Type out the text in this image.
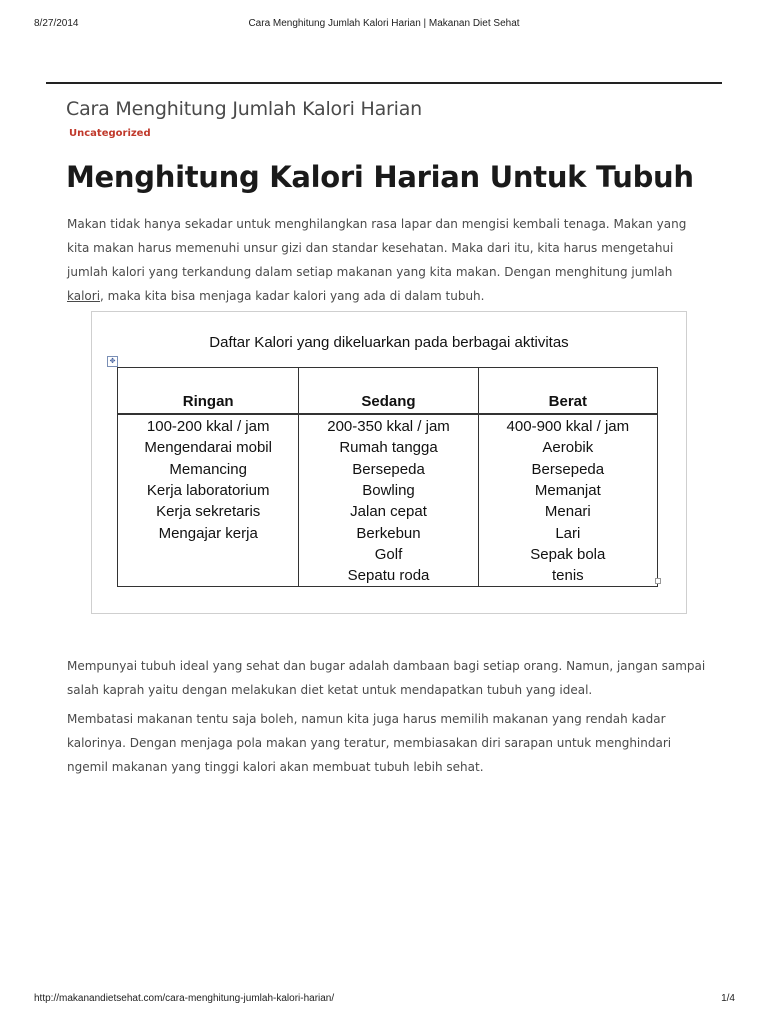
8/27/2014	Cara Menghitung Jumlah Kalori Harian | Makanan Diet Sehat
Cara Menghitung Jumlah Kalori Harian
Uncategorized
Menghitung Kalori Harian Untuk Tubuh
Makan tidak hanya sekadar untuk menghilangkan rasa lapar dan mengisi kembali tenaga. Makan yang kita makan harus memenuhi unsur gizi dan standar kesehatan. Maka dari itu, kita harus mengetahui jumlah kalori yang terkandung dalam setiap makanan yang kita makan. Dengan menghitung jumlah kalori, maka kita bisa menjaga kadar kalori yang ada di dalam tubuh.
Daftar Kalori yang dikeluarkan pada berbagai aktivitas
✥
Ringan	Sedang	Berat
100-200 kkal / jam	200-350 kkal / jam	400-900 kkal / jam
Mengendarai mobil	Rumah tangga	Aerobik
Memancing	Bersepeda	Bersepeda
Kerja laboratorium	Bowling	Memanjat
Kerja sekretaris	Jalan cepat	Menari
Mengajar kerja	Berkebun	Lari
	Golf	Sepak bola
	Sepatu roda	tenis
Mempunyai tubuh ideal yang sehat dan bugar adalah dambaan bagi setiap orang. Namun, jangan sampai salah kaprah yaitu dengan melakukan diet ketat untuk mendapatkan tubuh yang ideal.
Membatasi makanan tentu saja boleh, namun kita juga harus memilih makanan yang rendah kadar kalorinya. Dengan menjaga pola makan yang teratur, membiasakan diri sarapan untuk menghindari ngemil makanan yang tinggi kalori akan membuat tubuh lebih sehat.
http://makanandietsehat.com/cara-menghitung-jumlah-kalori-harian/	1/4
